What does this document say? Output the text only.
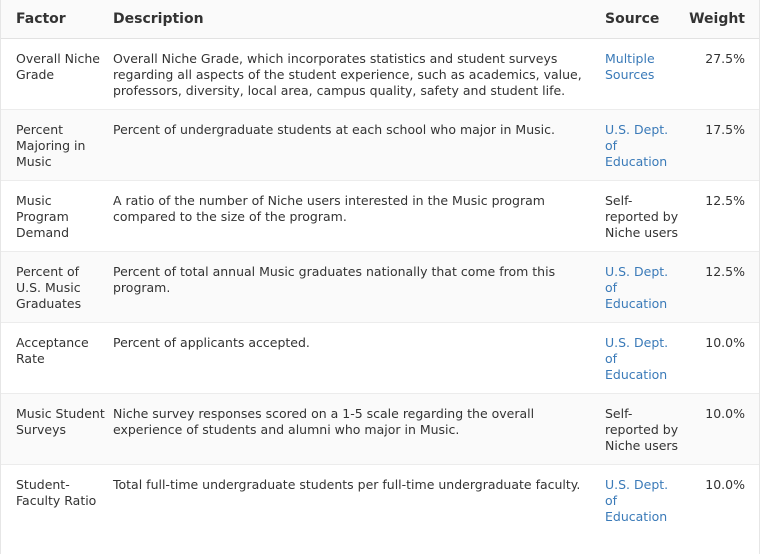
Factor	Description	Source	Weight
Overall Niche Grade	Overall Niche Grade, which incorporates statistics and student surveys regarding all aspects of the student experience, such as academics, value, professors, diversity, local area, campus quality, safety and student life.	Multiple Sources	27.5%
Percent Majoring in Music	Percent of undergraduate students at each school who major in Music.	U.S. Dept. of Education	17.5%
Music Program Demand	A ratio of the number of Niche users interested in the Music program compared to the size of the program.	Self-reported by Niche users	12.5%
Percent of U.S. Music Graduates	Percent of total annual Music graduates nationally that come from this program.	U.S. Dept. of Education	12.5%
Acceptance Rate	Percent of applicants accepted.	U.S. Dept. of Education	10.0%
Music Student Surveys	Niche survey responses scored on a 1-5 scale regarding the overall experience of students and alumni who major in Music.	Self-reported by Niche users	10.0%
Student-Faculty Ratio	Total full-time undergraduate students per full-time undergraduate faculty.	U.S. Dept. of Education	10.0%
